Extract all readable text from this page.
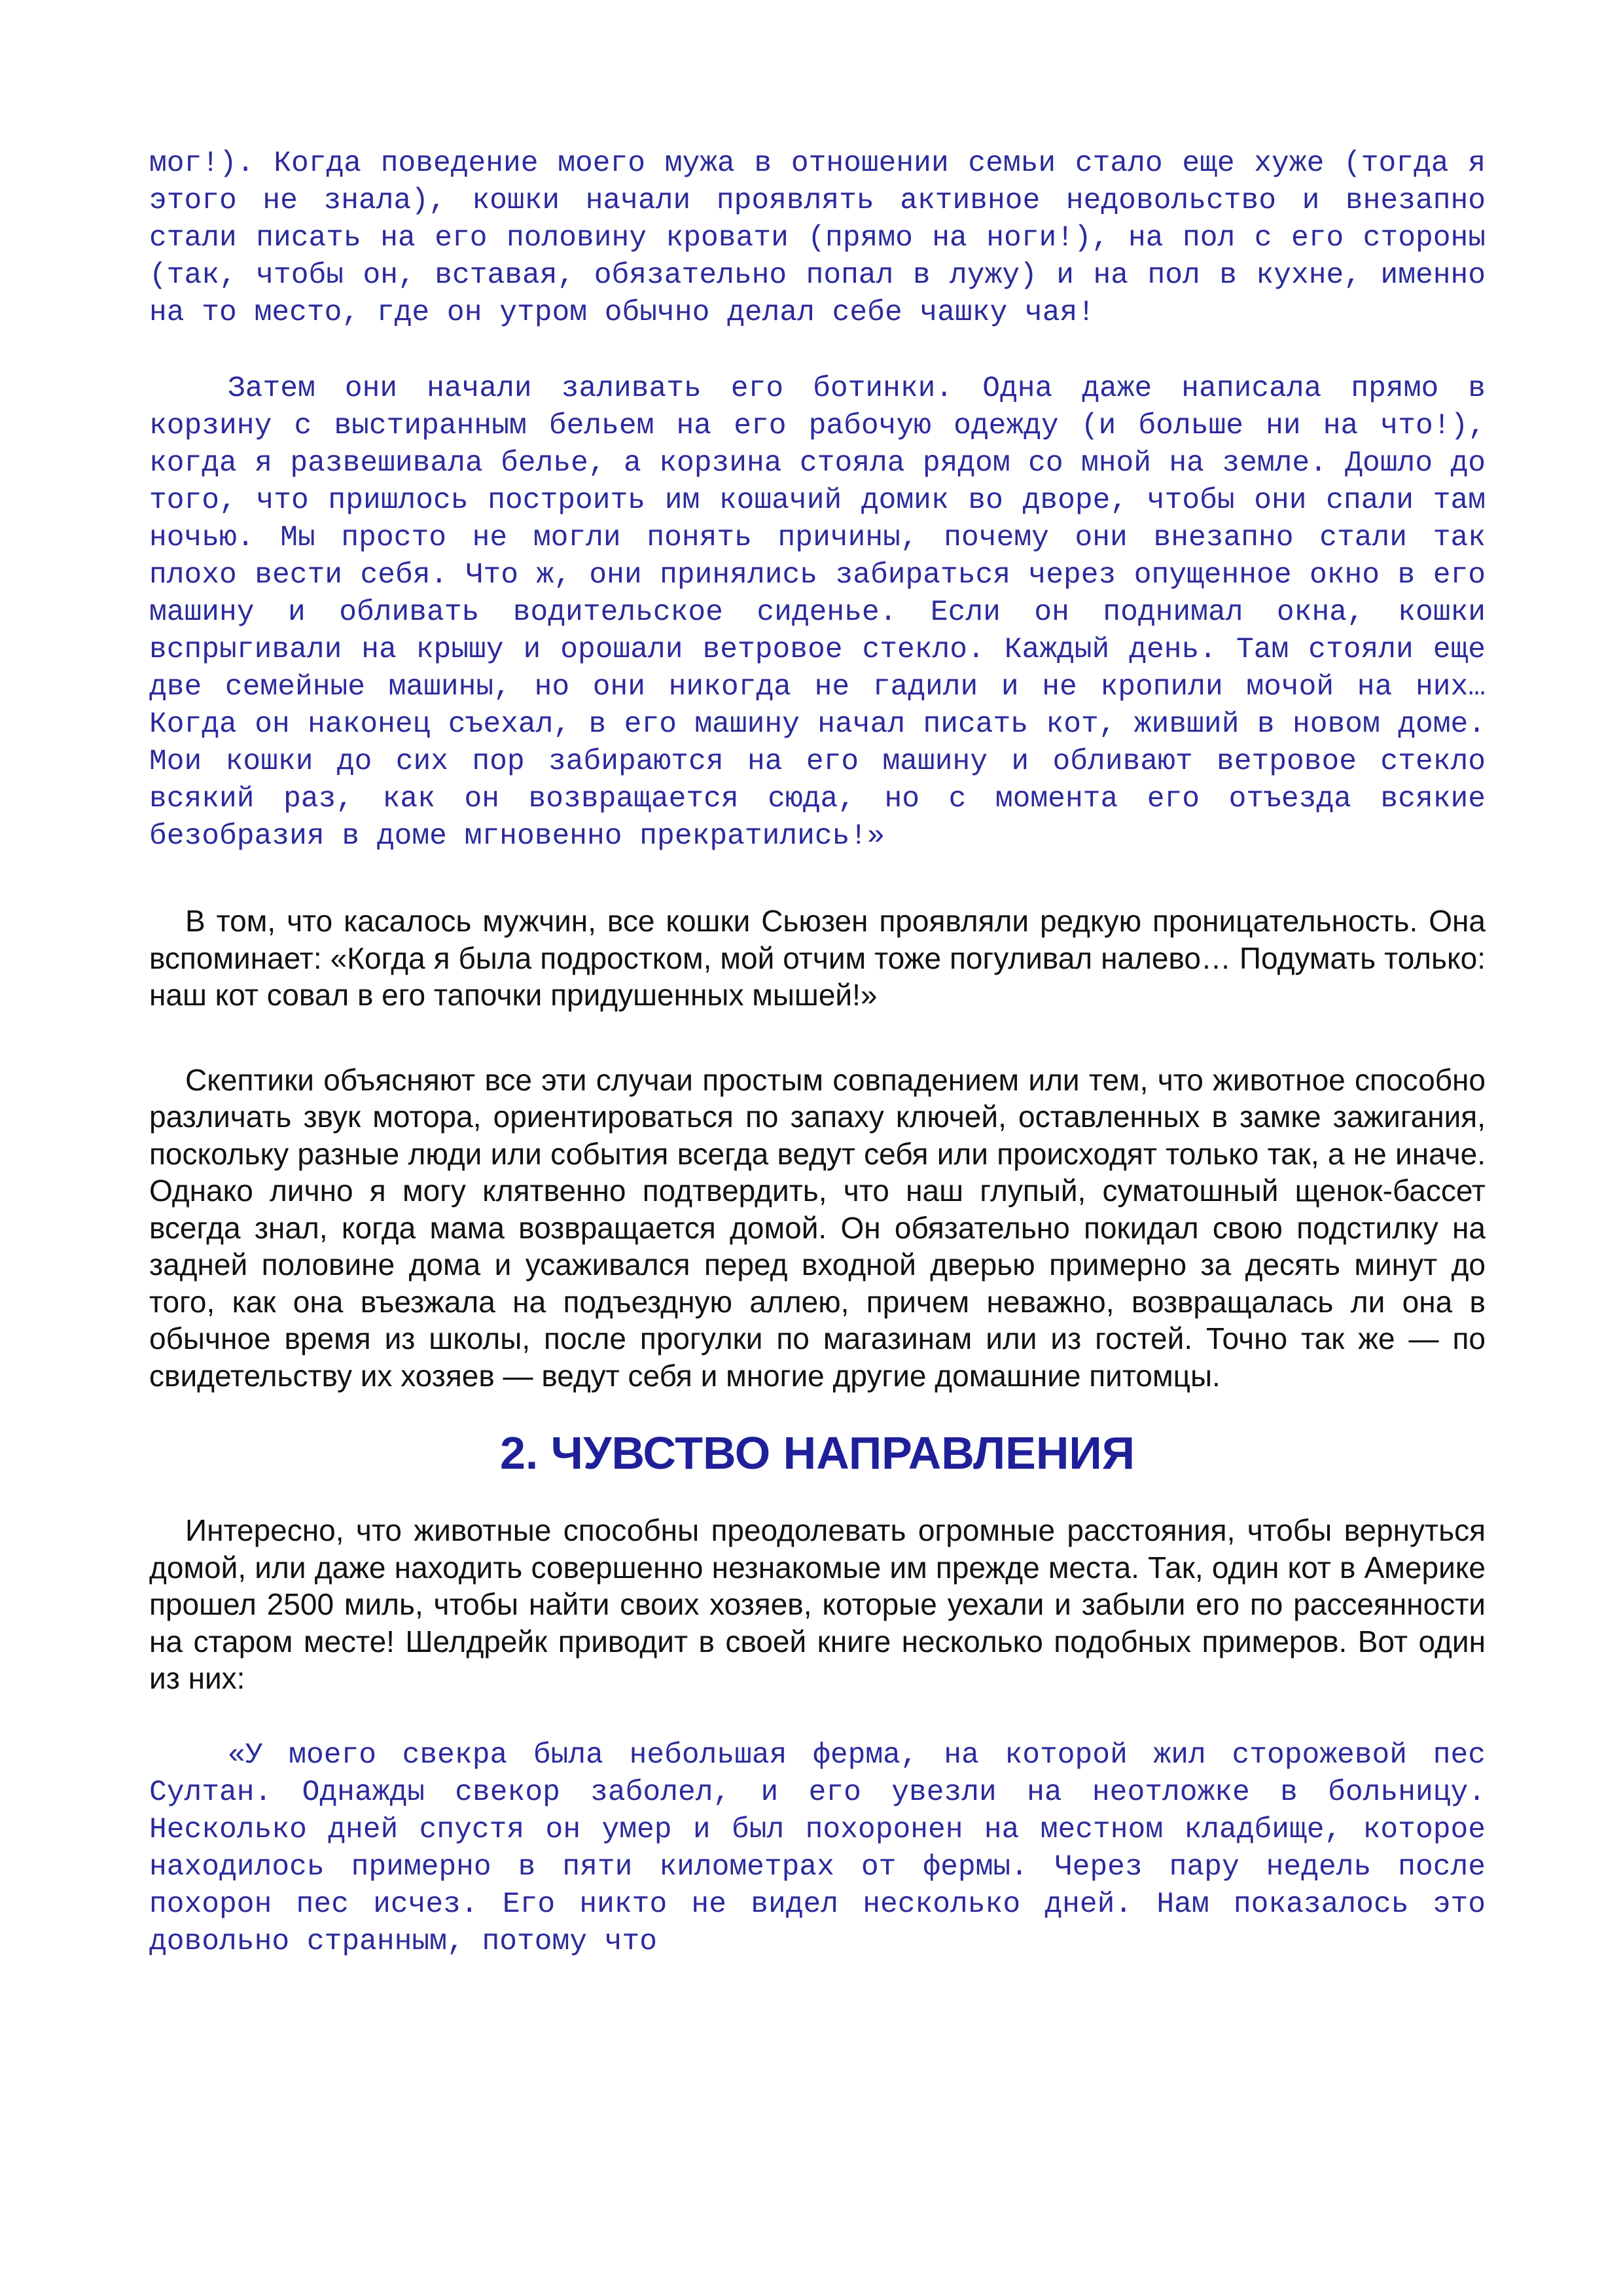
мог!). Когда поведение моего мужа в отношении семьи стало еще хуже (тогда я этого не знала), кошки начали проявлять активное недовольство и внезапно стали писать на его половину кровати (прямо на ноги!), на пол с его стороны (так, чтобы он, вставая, обязательно попал в лужу) и на пол в кухне, именно на то место, где он утром обычно делал себе чашку чая!

Затем они начали заливать его ботинки. Одна даже написала прямо в корзину с выстиранным бельем на его рабочую одежду (и больше ни на что!), когда я развешивала белье, а корзина стояла рядом со мной на земле. Дошло до того, что пришлось построить им кошачий домик во дворе, чтобы они спали там ночью. Мы просто не могли понять причины, почему они внезапно стали так плохо вести себя. Что ж, они принялись забираться через опущенное окно в его машину и обливать водительское сиденье. Если он поднимал окна, кошки вспрыгивали на крышу и орошали ветровое стекло. Каждый день. Там стояли еще две семейные машины, но они никогда не гадили и не кропили мочой на них… Когда он наконец съехал, в его машину начал писать кот, живший в новом доме. Мои кошки до сих пор забираются на его машину и обливают ветровое стекло всякий раз, как он возвращается сюда, но с момента его отъезда всякие безобразия в доме мгновенно прекратились!»

В том, что касалось мужчин, все кошки Сьюзен проявляли редкую проницательность. Она вспоминает: «Когда я была подростком, мой отчим тоже погуливал налево… Подумать только: наш кот совал в его тапочки придушенных мышей!»

Скептики объясняют все эти случаи простым совпадением или тем, что животное способно различать звук мотора, ориентироваться по запаху ключей, оставленных в замке зажигания, поскольку разные люди или события всегда ведут себя или происходят только так, а не иначе. Однако лично я могу клятвенно подтвердить, что наш глупый, суматошный щенок-бассет всегда знал, когда мама возвращается домой. Он обязательно покидал свою подстилку на задней половине дома и усаживался перед входной дверью примерно за десять минут до того, как она въезжала на подъездную аллею, причем неважно, возвращалась ли она в обычное время из школы, после прогулки по магазинам или из гостей. Точно так же — по свидетельству их хозяев — ведут себя и многие другие домашние питомцы.

2. ЧУВСТВО НАПРАВЛЕНИЯ

Интересно, что животные способны преодолевать огромные расстояния, чтобы вернуться домой, или даже находить совершенно незнакомые им прежде места. Так, один кот в Америке прошел 2500 миль, чтобы найти своих хозяев, которые уехали и забыли его по рассеянности на старом месте! Шелдрейк приводит в своей книге несколько подобных примеров. Вот один из них:

«У моего свекра была небольшая ферма, на которой жил сторожевой пес Султан. Однажды свекор заболел, и его увезли на неотложке в больницу. Несколько дней спустя он умер и был похоронен на местном кладбище, которое находилось примерно в пяти километрах от фермы. Через пару недель после похорон пес исчез. Его никто не видел несколько дней. Нам показалось это довольно странным, потому что
